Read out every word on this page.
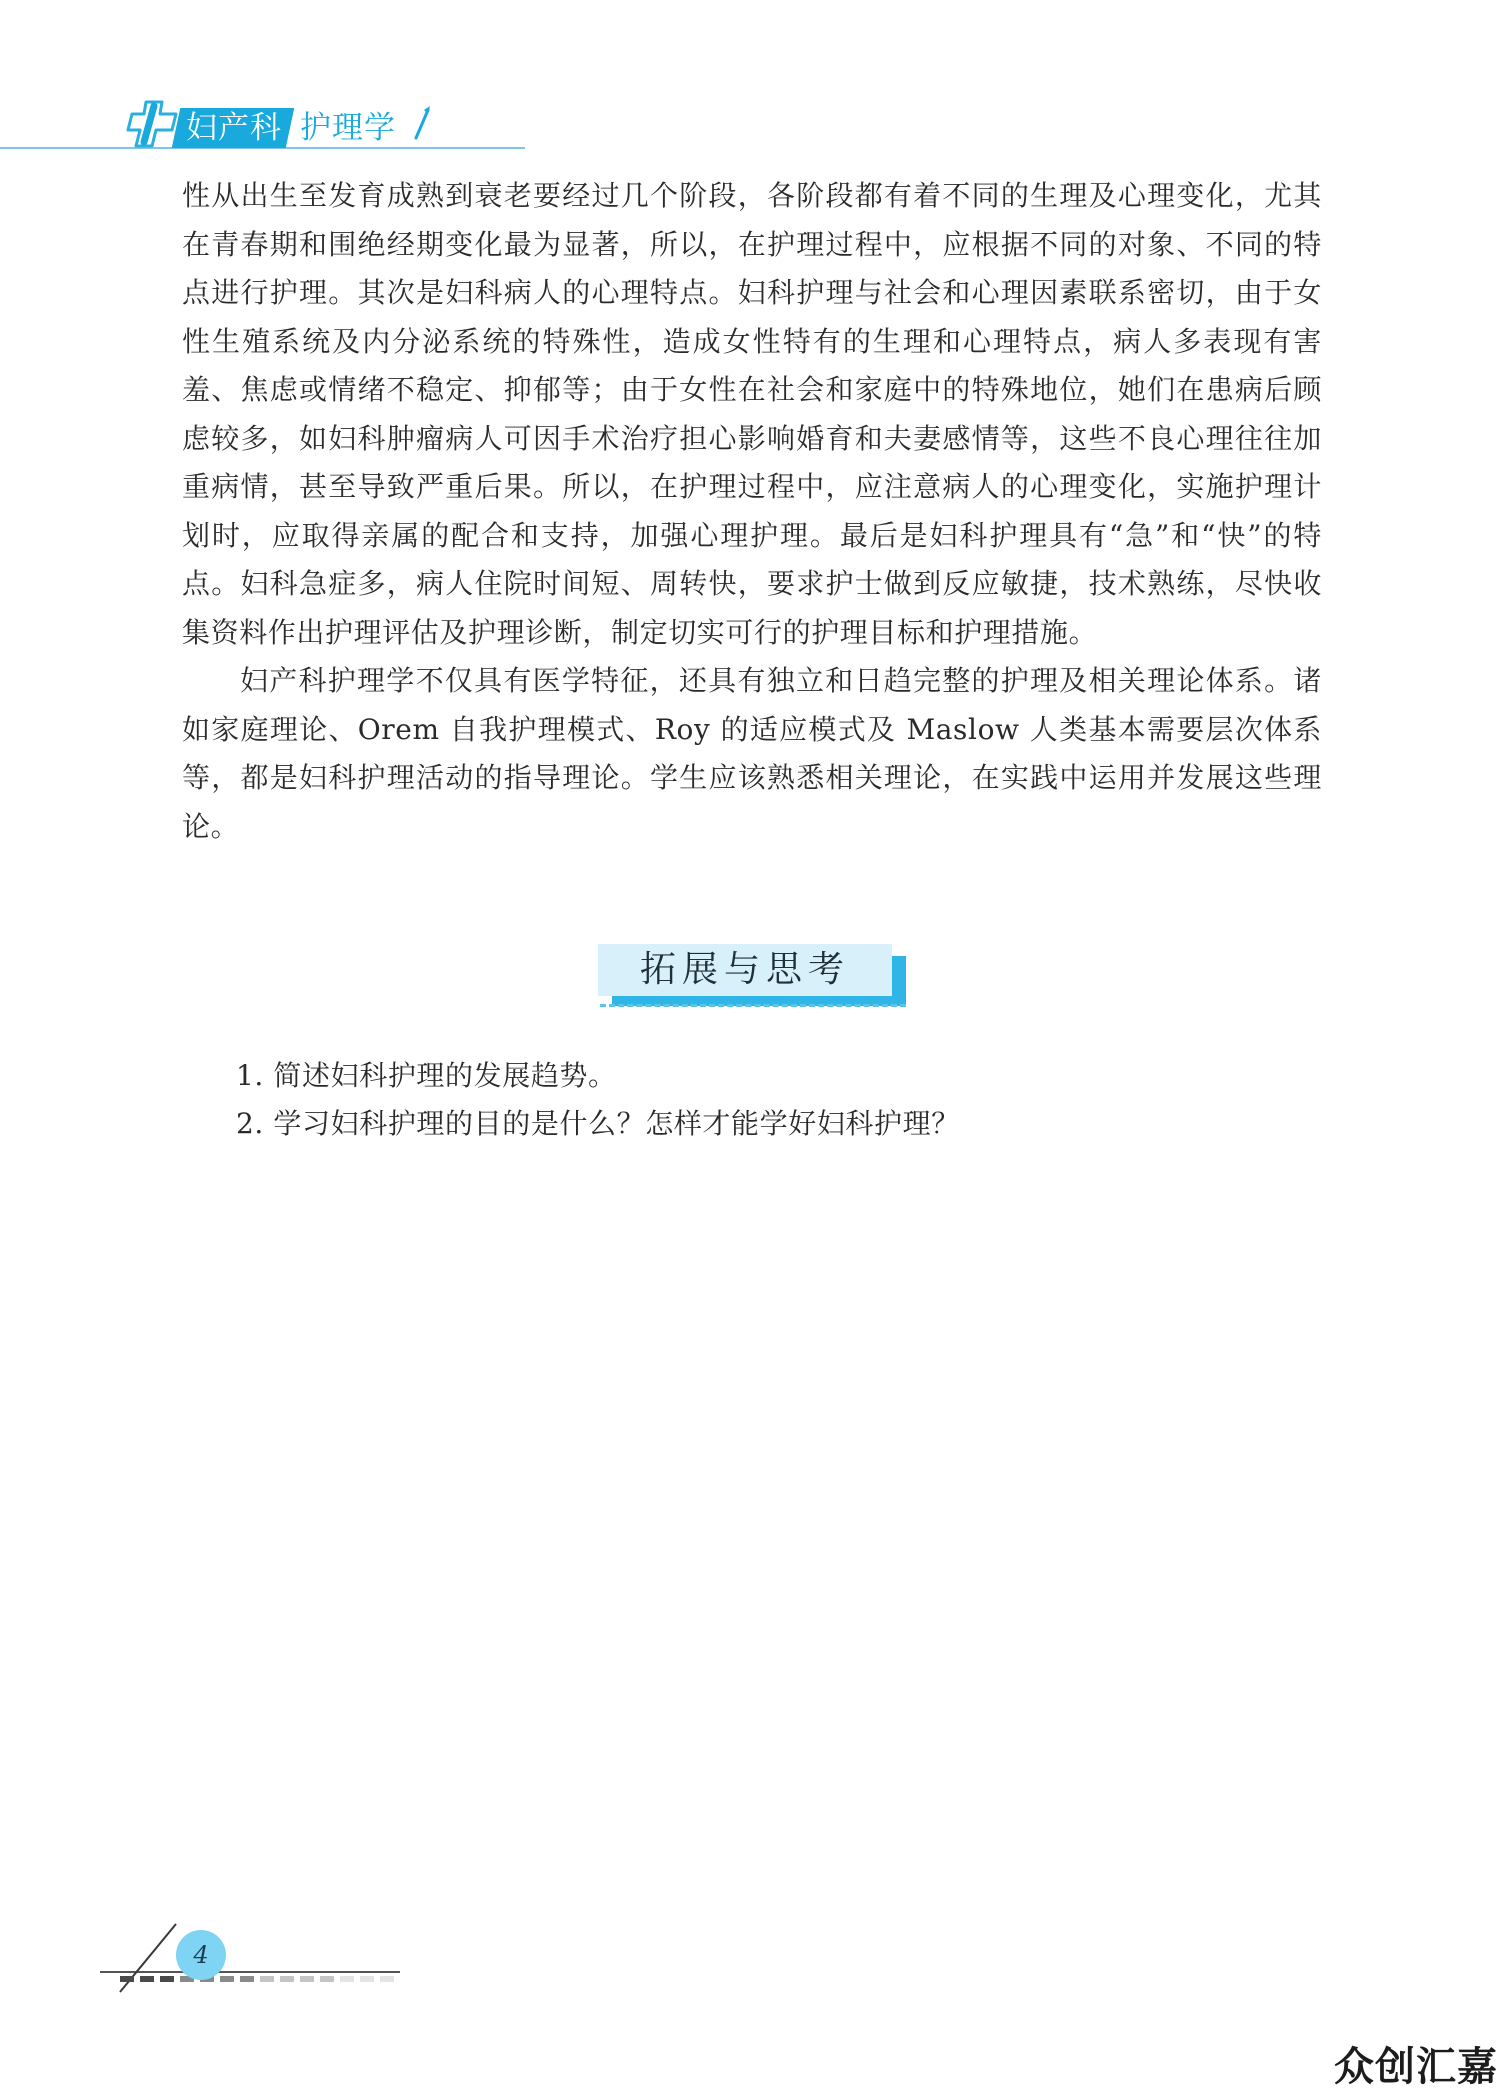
妇产科 护理学

性从出生至发育成熟到衰老要经过几个阶段，各阶段都有着不同的生理及心理变化，尤其在青春期和围绝经期变化最为显著，所以，在护理过程中，应根据不同的对象、不同的特点进行护理。其次是妇科病人的心理特点。妇科护理与社会和心理因素联系密切，由于女性生殖系统及内分泌系统的特殊性，造成女性特有的生理和心理特点，病人多表现有害羞、焦虑或情绪不稳定、抑郁等；由于女性在社会和家庭中的特殊地位，她们在患病后顾虑较多，如妇科肿瘤病人可因手术治疗担心影响婚育和夫妻感情等，这些不良心理往往加重病情，甚至导致严重后果。所以，在护理过程中，应注意病人的心理变化，实施护理计划时，应取得亲属的配合和支持，加强心理护理。最后是妇科护理具有“急”和“快”的特点。妇科急症多，病人住院时间短、周转快，要求护士做到反应敏捷，技术熟练，尽快收集资料作出护理评估及护理诊断，制定切实可行的护理目标和护理措施。

妇产科护理学不仅具有医学特征，还具有独立和日趋完整的护理及相关理论体系。诸如家庭理论、Orem 自我护理模式、Roy 的适应模式及 Maslow 人类基本需要层次体系等，都是妇科护理活动的指导理论。学生应该熟悉相关理论，在实践中运用并发展这些理论。

拓展与思考
1. 简述妇科护理的发展趋势。
2. 学习妇科护理的目的是什么？怎样才能学好妇科护理？
4
众创汇嘉
